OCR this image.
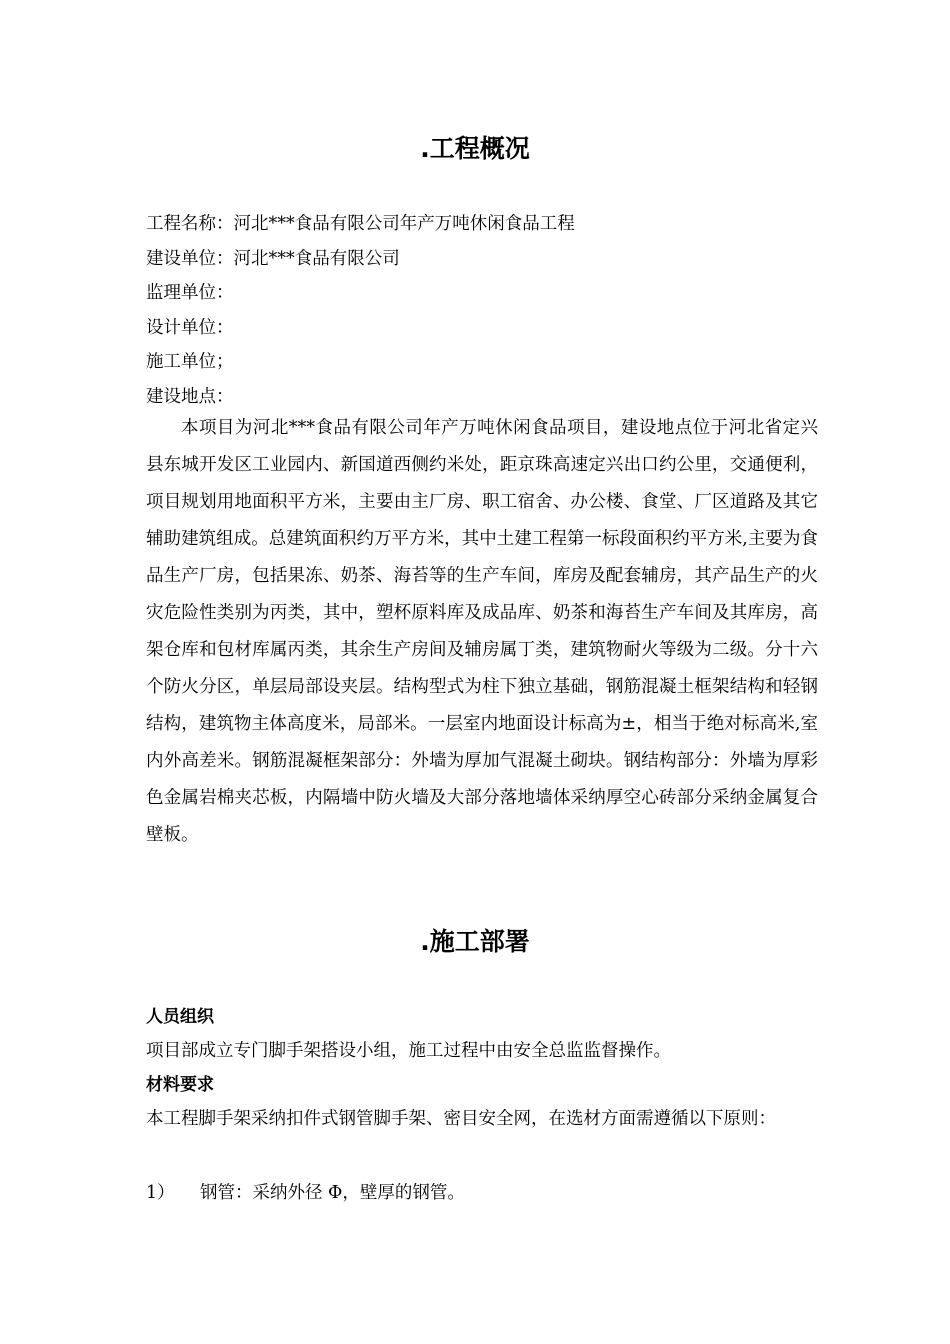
.工程概况
工程名称：河北***食品有限公司年产万吨休闲食品工程
建设单位：河北***食品有限公司
监理单位：
设计单位：
施工单位；
建设地点：

本项目为河北***食品有限公司年产万吨休闲食品项目，建设地点位于河北省定兴县东城开发区工业园内、新国道西侧约米处，距京珠高速定兴出口约公里，交通便利，项目规划用地面积平方米，主要由主厂房、职工宿舍、办公楼、食堂、厂区道路及其它辅助建筑组成。总建筑面积约万平方米，其中土建工程第一标段面积约平方米,主要为食品生产厂房，包括果冻、奶茶、海苔等的生产车间，库房及配套辅房，其产品生产的火灾危险性类别为丙类，其中，塑杯原料库及成品库、奶茶和海苔生产车间及其库房，高架仓库和包材库属丙类，其余生产房间及辅房属丁类，建筑物耐火等级为二级。分十六个防火分区，单层局部设夹层。结构型式为柱下独立基础，钢筋混凝土框架结构和轻钢结构，建筑物主体高度米，局部米。一层室内地面设计标高为±，相当于绝对标高米,室内外高差米。钢筋混凝框架部分：外墙为厚加气混凝土砌块。钢结构部分：外墙为厚彩色金属岩棉夹芯板，内隔墙中防火墙及大部分落地墙体采纳厚空心砖部分采纳金属复合壁板。

.施工部署
人员组织

项目部成立专门脚手架搭设小组，施工过程中由安全总监监督操作。

材料要求

本工程脚手架采纳扣件式钢管脚手架、密目安全网，在选材方面需遵循以下原则：

1） 钢管：采纳外径 Φ，壁厚的钢管。
